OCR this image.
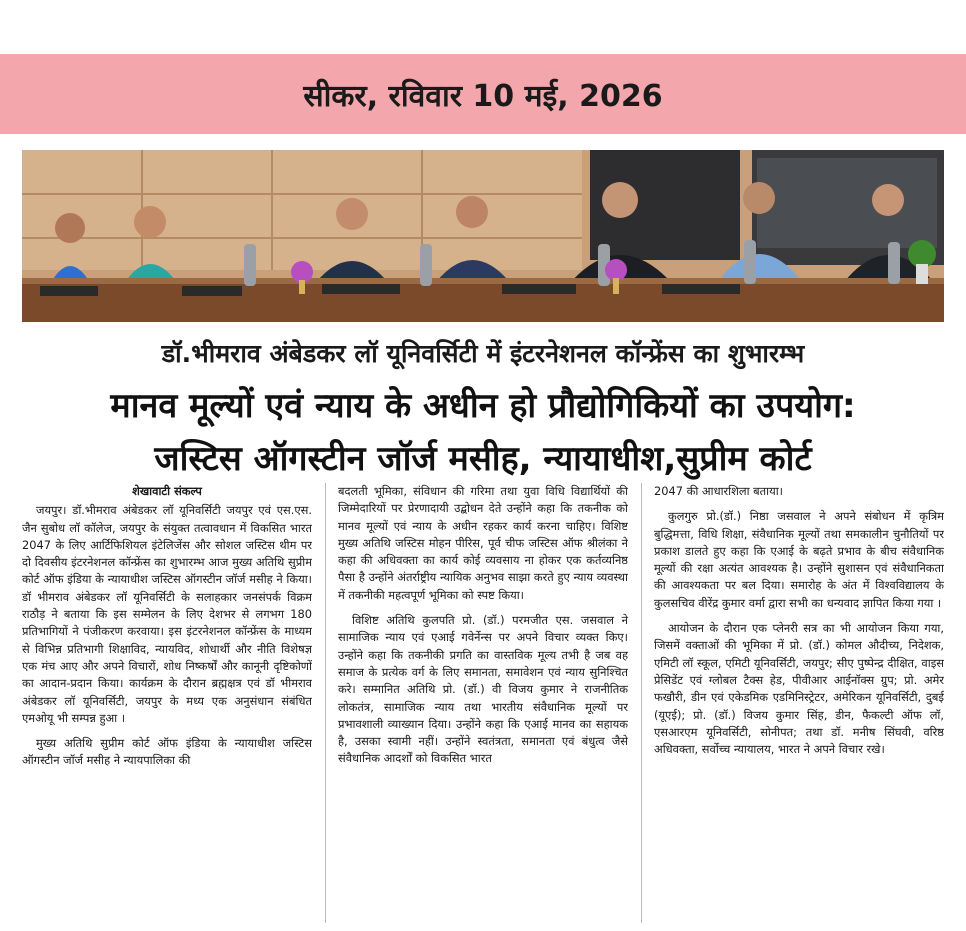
सीकर, रविवार 10 मई, 2026
डॉ.भीमराव अंबेडकर लॉ यूनिवर्सिटी में इंटरनेशनल कॉन्फ्रेंस का शुभारम्भ
मानव मूल्यों एवं न्याय के अधीन हो प्रौद्योगिकियों का उपयोग:
जस्टिस ऑगस्टीन जॉर्ज मसीह, न्यायाधीश,सुप्रीम कोर्ट
शेखावाटी संकल्प

जयपुर। डॉ.भीमराव अंबेडकर लॉ यूनिवर्सिटी जयपुर एवं एस.एस. जैन सुबोध लॉ कॉलेज, जयपुर के संयुक्त तत्वावधान में विकसित भारत 2047 के लिए आर्टिफिशियल इंटेलिजेंस और सोशल जस्टिस थीम पर दो दिवसीय इंटरनेशनल कॉन्फ्रेंस का शुभारम्भ आज मुख्य अतिथि सुप्रीम कोर्ट ऑफ इंडिया के न्यायाधीश जस्टिस ऑगस्टीन जॉर्ज मसीह ने किया। डॉ भीमराव अंबेडकर लॉ यूनिवर्सिटी के सलाहकार जनसंपर्क विक्रम राठौड़ ने बताया कि इस सम्मेलन के लिए देशभर से लगभग 180 प्रतिभागियों ने पंजीकरण करवाया। इस इंटरनेशनल कॉन्फ्रेंस के माध्यम से विभिन्न प्रतिभागी शिक्षाविद, न्यायविद, शोधार्थी और नीति विशेषज्ञ एक मंच आए और अपने विचारों, शोध निष्कर्षों और कानूनी दृष्टिकोणों का आदान-प्रदान किया। कार्यक्रम के दौरान ब्रह्मक्षत्र एवं डॉ भीमराव अंबेडकर लॉ यूनिवर्सिटी, जयपुर के मध्य एक अनुसंधान संबंधित एमओयू भी सम्पन्न हुआ ।

मुख्य अतिथि सुप्रीम कोर्ट ऑफ इंडिया के न्यायाधीश जस्टिस ऑगस्टीन जॉर्ज मसीह ने न्यायपालिका की

बदलती भूमिका, संविधान की गरिमा तथा युवा विधि विद्यार्थियों की जिम्मेदारियों पर प्रेरणादायी उद्बोधन देते उन्होंने कहा कि तकनीक को मानव मूल्यों एवं न्याय के अधीन रहकर कार्य करना चाहिए। विशिष्ट मुख्य अतिथि जस्टिस मोहन पीरिस, पूर्व चीफ जस्टिस ऑफ श्रीलंका ने कहा की अधिवक्ता का कार्य कोई व्यवसाय ना होकर एक कर्तव्यनिष्ठ पैसा है उन्होंने अंतर्राष्ट्रीय न्यायिक अनुभव साझा करते हुए न्याय व्यवस्था में तकनीकी महत्वपूर्ण भूमिका को स्पष्ट किया।

विशिष्ट अतिथि कुलपति प्रो. (डॉ.) परमजीत एस. जसवाल ने सामाजिक न्याय एवं एआई गवेर्नेन्स पर अपने विचार व्यक्त किए। उन्होंने कहा कि तकनीकी प्रगति का वास्तविक मूल्य तभी है जब वह समाज के प्रत्येक वर्ग के लिए समानता, समावेशन एवं न्याय सुनिश्चित करे। सम्मानित अतिथि प्रो. (डॉ.) वी विजय कुमार ने राजनीतिक लोकतंत्र, सामाजिक न्याय तथा भारतीय संवैधानिक मूल्यों पर प्रभावशाली व्याख्यान दिया। उन्होंने कहा कि एआई मानव का सहायक है, उसका स्वामी नहीं। उन्होंने स्वतंत्रता, समानता एवं बंधुत्व जैसे संवैधानिक आदर्शों को विकसित भारत

2047 की आधारशिला बताया।

कुलगुरु प्रो.(डॉ.) निष्ठा जसवाल ने अपने संबोधन में कृत्रिम बुद्धिमत्ता, विधि शिक्षा, संवैधानिक मूल्यों तथा समकालीन चुनौतियों पर प्रकाश डालते हुए कहा कि एआई के बढ़ते प्रभाव के बीच संवैधानिक मूल्यों की रक्षा अत्यंत आवश्यक है। उन्होंने सुशासन एवं संवैधानिकता की आवश्यकता पर बल दिया। समारोह के अंत में विश्वविद्यालय के कुलसचिव वीरेंद्र कुमार वर्मा द्वारा सभी का धन्यवाद ज्ञापित किया गया ।

आयोजन के दौरान एक प्लेनरी सत्र का भी आयोजन किया गया, जिसमें वक्ताओं की भूमिका में प्रो. (डॉ.) कोमल औदीच्य, निदेशक, एमिटी लॉ स्कूल, एमिटी यूनिवर्सिटी, जयपुर; सीए पुष्पेन्द्र दीक्षित, वाइस प्रेसिडेंट एवं ग्लोबल टैक्स हेड, पीवीआर आईनॉक्स ग्रुप; प्रो. अमेर फखौरी, डीन एवं एकेडमिक एडमिनिस्ट्रेटर, अमेरिकन यूनिवर्सिटी, दुबई (यूएई); प्रो. (डॉ.) विजय कुमार सिंह, डीन, फैकल्टी ऑफ लॉ, एसआरएम यूनिवर्सिटी, सोनीपत; तथा डॉ. मनीष सिंघवी, वरिष्ठ अधिवक्ता, सर्वोच्च न्यायालय, भारत ने अपने विचार रखे।
